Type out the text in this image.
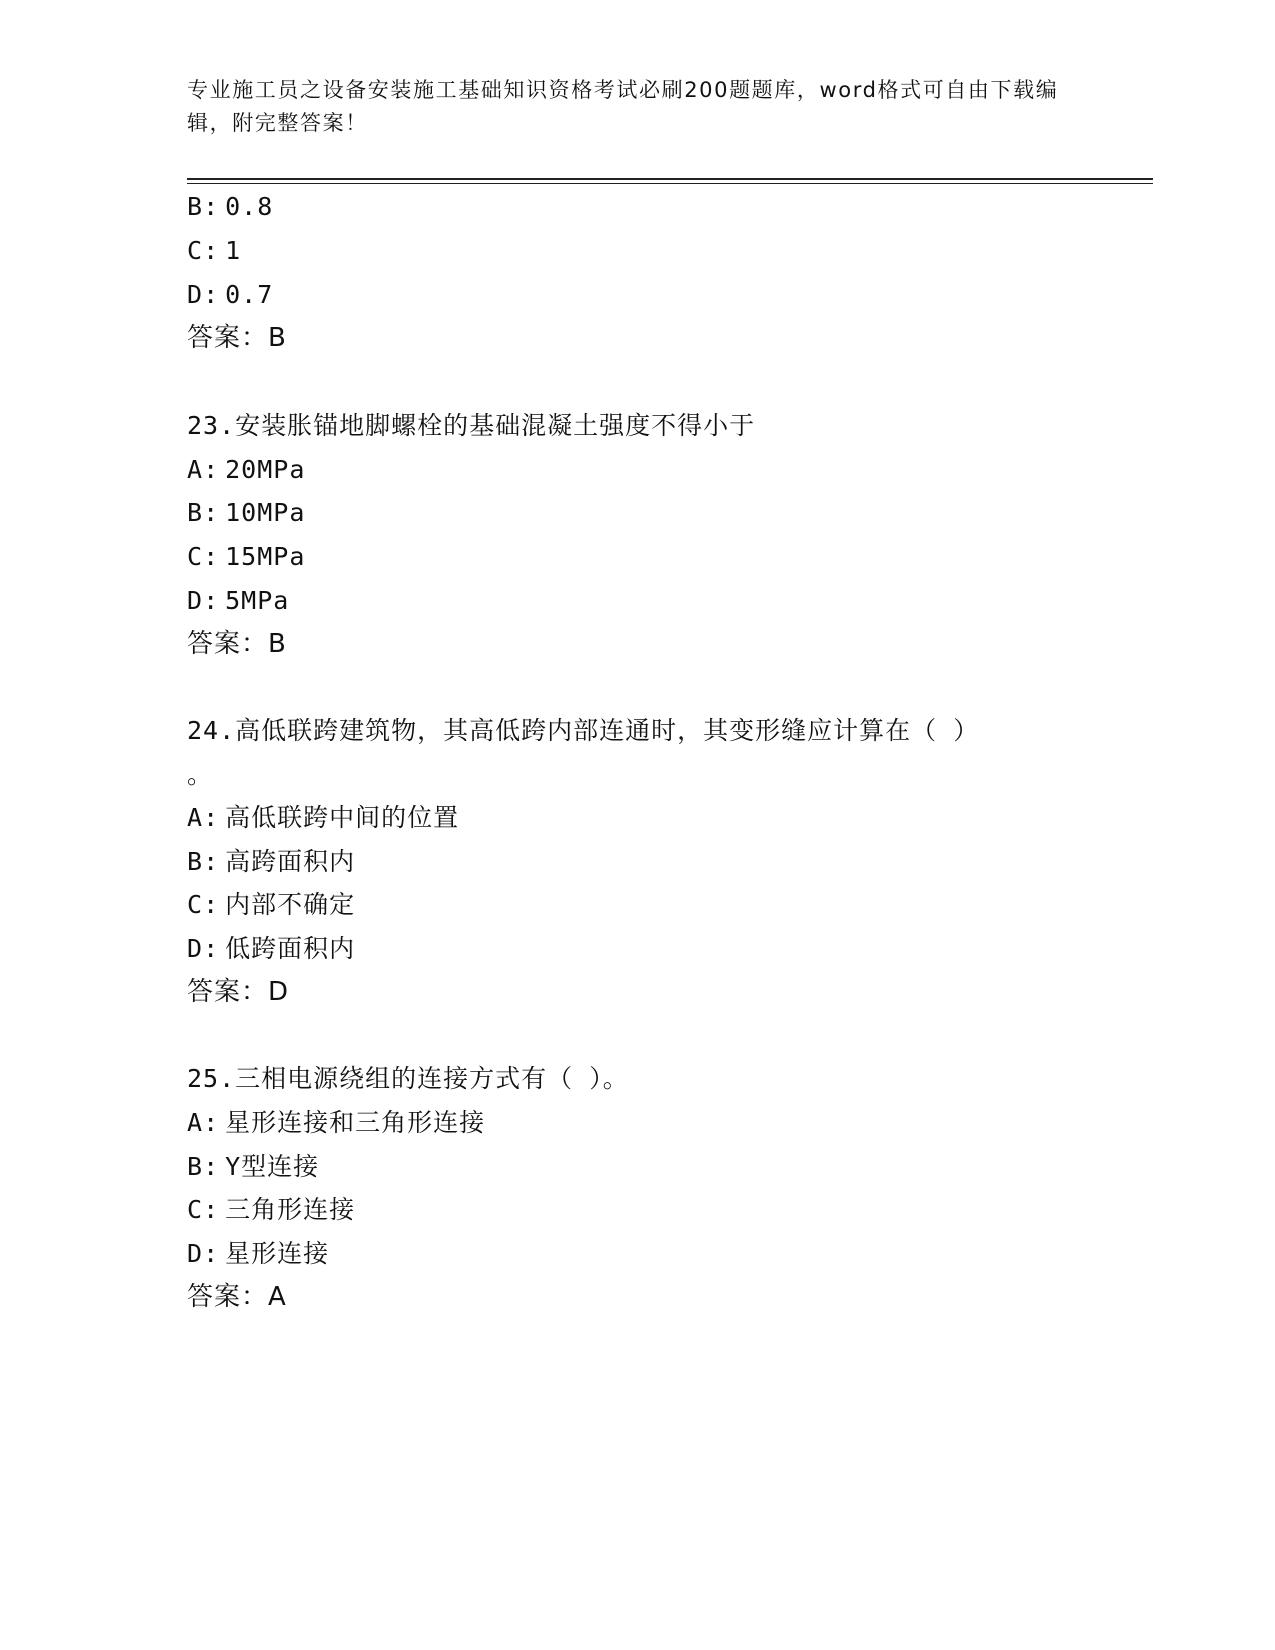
专业施工员之设备安装施工基础知识资格考试必刷200题题库，word格式可自由下载编辑，附完整答案！
B: 0.8
C: 1
D: 0.7
答案：B
23.安装胀锚地脚螺栓的基础混凝土强度不得小于
A: 20MPa
B: 10MPa
C: 15MPa
D: 5MPa
答案：B
24.高低联跨建筑物，其高低跨内部连通时，其变形缝应计算在（ ）
。
A: 高低联跨中间的位置
B: 高跨面积内
C: 内部不确定
D: 低跨面积内
答案：D
25.三相电源绕组的连接方式有（ ）。
A: 星形连接和三角形连接
B: Y型连接
C: 三角形连接
D: 星形连接
答案：A
